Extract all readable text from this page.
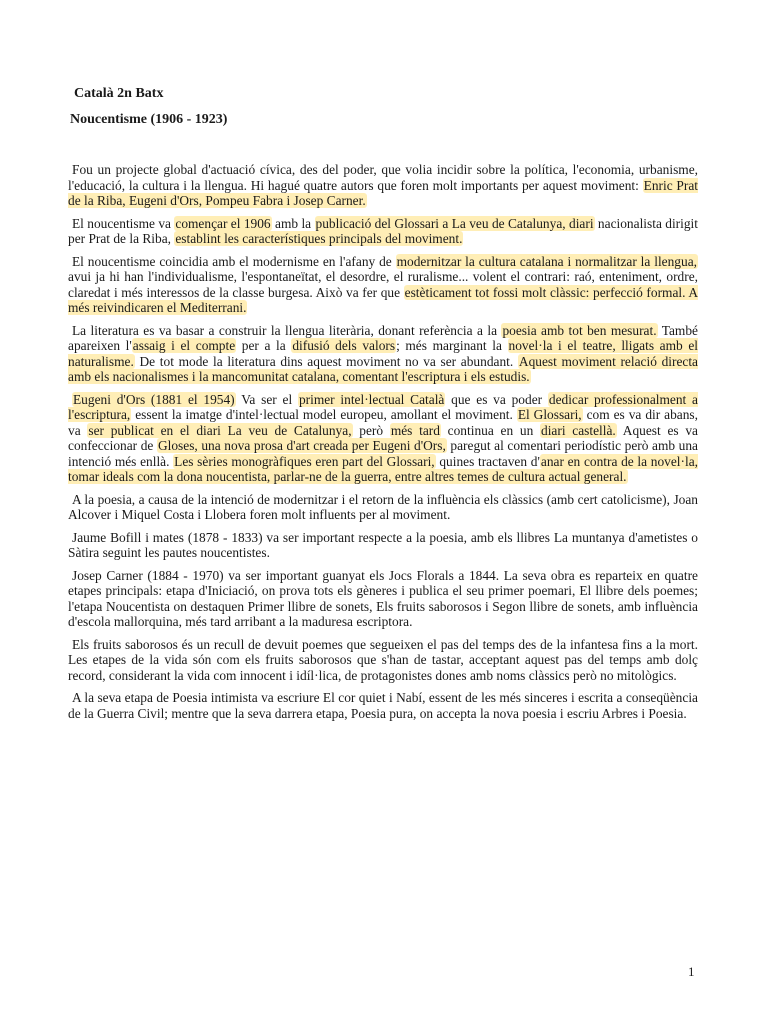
Català 2n Batx
Noucentisme (1906 - 1923)

Fou un projecte global d'actuació cívica, des del poder, que volia incidir sobre la política, l'economia, urbanisme, l'educació, la cultura i la llengua. Hi hagué quatre autors que foren molt importants per aquest moviment: Enric Prat de la Riba, Eugeni d'Ors, Pompeu Fabra i Josep Carner.

El noucentisme va començar el 1906 amb la publicació del Glossari a La veu de Catalunya, diari nacionalista dirigit per Prat de la Riba, establint les característiques principals del moviment.

El noucentisme coincidia amb el modernisme en l'afany de modernitzar la cultura catalana i normalitzar la llengua, avui ja hi han l'individualisme, l'espontaneïtat, el desordre, el ruralisme... volent el contrari: raó, enteniment, ordre, claredat i més interessos de la classe burgesa. Això va fer que estèticament tot fossi molt clàssic: perfecció formal. A més reivindicaren el Mediterrani.

La literatura es va basar a construir la llengua literària, donant referència a la poesia amb tot ben mesurat. També apareixen l'assaig i el compte per a la difusió dels valors; més marginant la novel·la i el teatre, lligats amb el naturalisme. De tot mode la literatura dins aquest moviment no va ser abundant. Aquest moviment relació directa amb els nacionalismes i la mancomunitat catalana, comentant l'escriptura i els estudis.

Eugeni d'Ors (1881 el 1954) Va ser el primer intel·lectual Català que es va poder dedicar professionalment a l'escriptura, essent la imatge d'intel·lectual model europeu, amollant el moviment. El Glossari, com es va dir abans, va ser publicat en el diari La veu de Catalunya, però més tard continua en un diari castellà. Aquest es va confeccionar de Gloses, una nova prosa d'art creada per Eugeni d'Ors, paregut al comentari periodístic però amb una intenció més enllà. Les sèries monogràfiques eren part del Glossari, quines tractaven d'anar en contra de la novel·la, tomar ideals com la dona noucentista, parlar-ne de la guerra, entre altres temes de cultura actual general.

A la poesia, a causa de la intenció de modernitzar i el retorn de la influència els clàssics (amb cert catolicisme), Joan Alcover i Miquel Costa i Llobera foren molt influents per al moviment.

Jaume Bofill i mates (1878 - 1833) va ser important respecte a la poesia, amb els llibres La muntanya d'ametistes o Sàtira seguint les pautes noucentistes.

Josep Carner (1884 - 1970) va ser important guanyat els Jocs Florals a 1844. La seva obra es reparteix en quatre etapes principals: etapa d'Iniciació, on prova tots els gèneres i publica el seu primer poemari, El llibre dels poemes; l'etapa Noucentista on destaquen Primer llibre de sonets, Els fruits saborosos i Segon llibre de sonets, amb influència d'escola mallorquina, més tard arribant a la maduresa escriptora.

Els fruits saborosos és un recull de devuit poemes que segueixen el pas del temps des de la infantesa fins a la mort. Les etapes de la vida són com els fruits saborosos que s'han de tastar, acceptant aquest pas del temps amb dolç record, considerant la vida com innocent i idíl·lica, de protagonistes dones amb noms clàssics però no mitològics.

A la seva etapa de Poesia intimista va escriure El cor quiet i Nabí, essent de les més sinceres i escrita a conseqüència de la Guerra Civil; mentre que la seva darrera etapa, Poesia pura, on accepta la nova poesia i escriu Arbres i Poesia.

1
